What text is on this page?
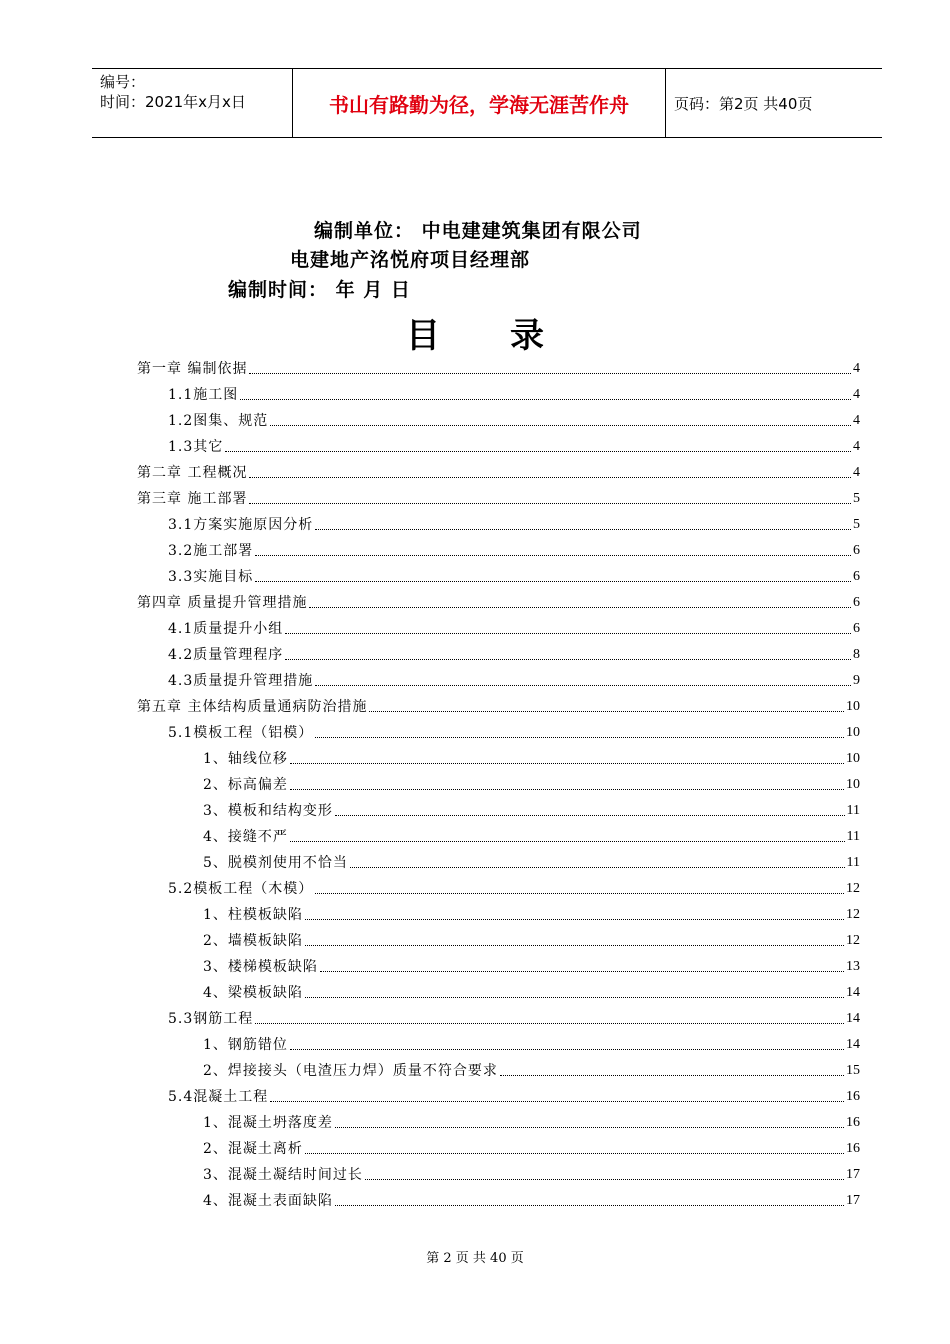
编号：
时间：2021年x月x日	书山有路勤为径，学海无涯苦作舟	页码：第2页 共40页
编制单位： 中电建建筑集团有限公司
电建地产洺悦府项目经理部
编制时间： 年 月 日
目 录
第一章 编制依据	4
1.1施工图	4
1.2图集、规范	4
1.3其它	4
第二章 工程概况	4
第三章 施工部署	5
3.1方案实施原因分析	5
3.2施工部署	6
3.3实施目标	6
第四章 质量提升管理措施	6
4.1质量提升小组	6
4.2质量管理程序	8
4.3质量提升管理措施	9
第五章 主体结构质量通病防治措施	10
5.1模板工程（铝模）	10
1、轴线位移	10
2、标高偏差	10
3、模板和结构变形	11
4、接缝不严	11
5、脱模剂使用不恰当	11
5.2模板工程（木模）	12
1、柱模板缺陷	12
2、墙模板缺陷	12
3、楼梯模板缺陷	13
4、梁模板缺陷	14
5.3钢筋工程	14
1、钢筋错位	14
2、焊接接头（电渣压力焊）质量不符合要求	15
5.4混凝土工程	16
1、混凝土坍落度差	16
2、混凝土离析	16
3、混凝土凝结时间过长	17
4、混凝土表面缺陷	17
第 2 页 共 40 页
